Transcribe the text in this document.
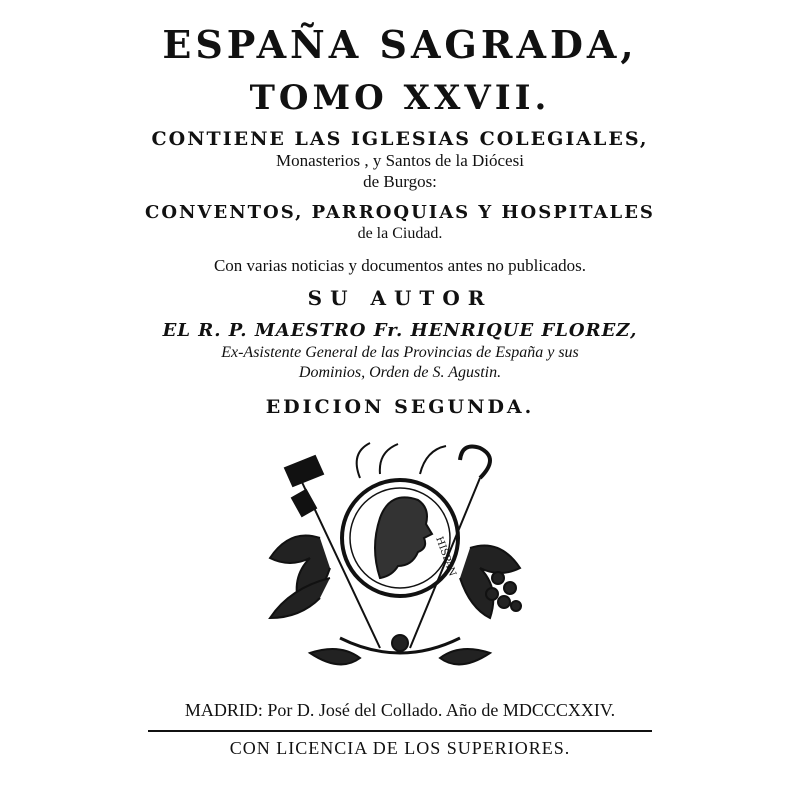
ESPAÑA SAGRADA,
TOMO XXVII.
CONTIENE LAS IGLESIAS COLEGIALES,
Monasterios , y Santos de la Diócesi
de Burgos:
CONVENTOS, PARROQUIAS Y HOSPITALES
de la Ciudad.
Con varias noticias y documentos antes no publicados.
SU AUTOR
EL R. P. MAESTRO Fr. HENRIQUE FLOREZ,
Ex-Asistente General de las Provincias de España y sus
Dominios, Orden de S. Agustin.
EDICION SEGUNDA.
HISPAN
MADRID: Por D. José del Collado. Año de MDCCCXXIV.
CON LICENCIA DE LOS SUPERIORES.
